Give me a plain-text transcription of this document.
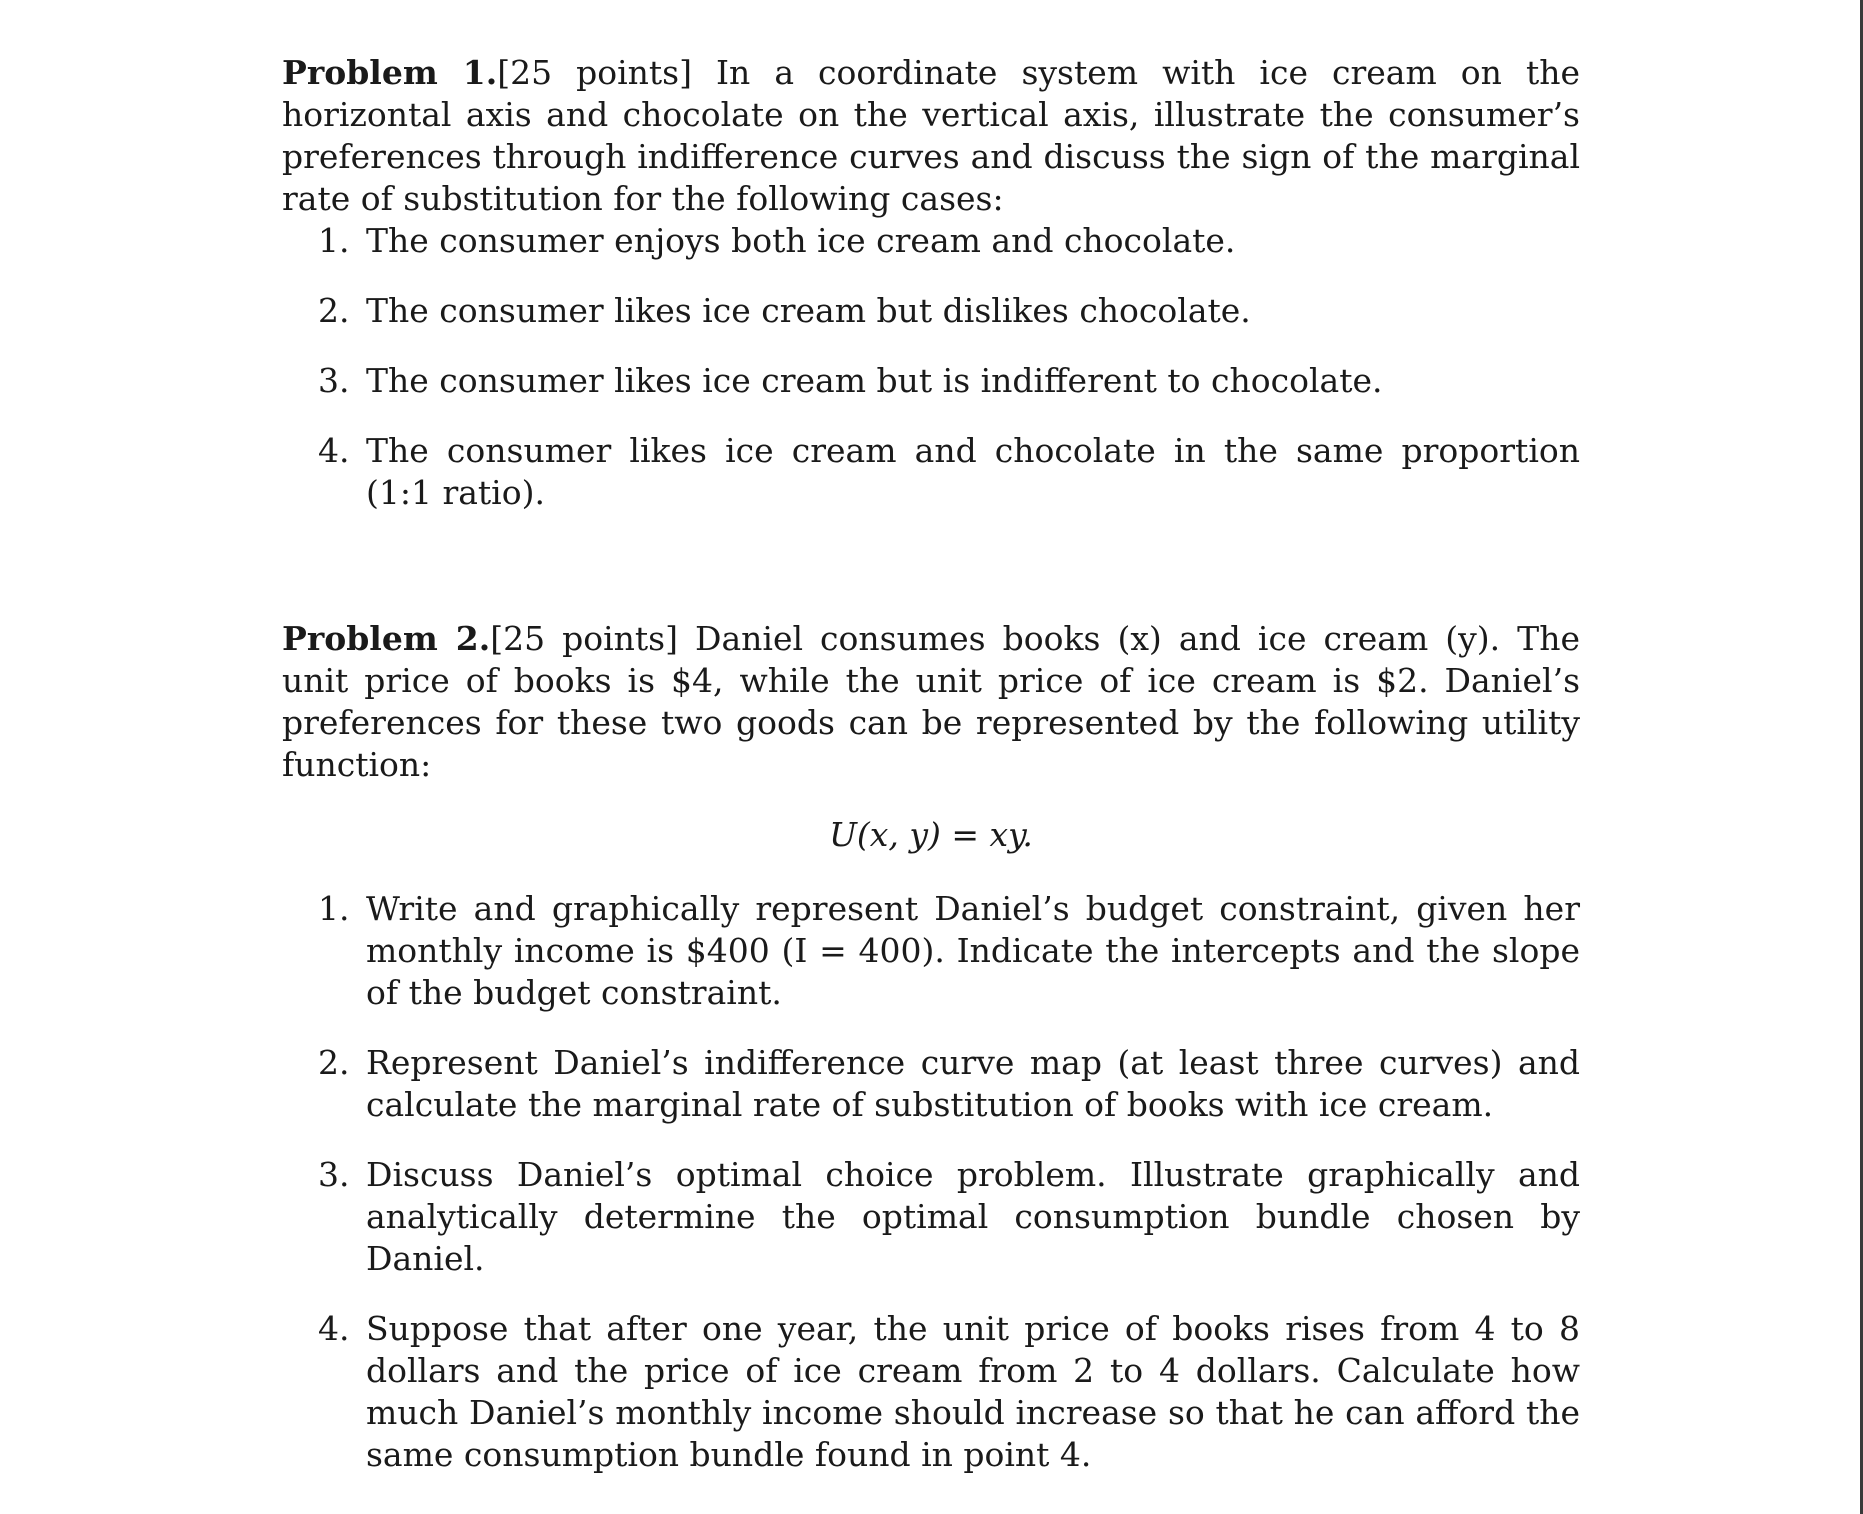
Problem 1.[25 points] In a coordinate system with ice cream on the horizontal axis and chocolate on the vertical axis, illustrate the consumer’s preferences through indifference curves and discuss the sign of the marginal rate of substitution for the following cases:

1. The consumer enjoys both ice cream and chocolate.
2. The consumer likes ice cream but dislikes chocolate.
3. The consumer likes ice cream but is indifferent to chocolate.
4. The consumer likes ice cream and chocolate in the same proportion (1:1 ratio).

Problem 2.[25 points] Daniel consumes books (x) and ice cream (y). The unit price of books is $4, while the unit price of ice cream is $2. Daniel’s preferences for these two goods can be represented by the following utility function:

U(x, y) = xy.
1. Write and graphically represent Daniel’s budget constraint, given her monthly income is $400 (I = 400). Indicate the intercepts and the slope of the budget constraint.
2. Represent Daniel’s indifference curve map (at least three curves) and calculate the marginal rate of substitution of books with ice cream.
3. Discuss Daniel’s optimal choice problem. Illustrate graphically and analytically determine the optimal consumption bundle chosen by Daniel.
4. Suppose that after one year, the unit price of books rises from 4 to 8 dollars and the price of ice cream from 2 to 4 dollars. Calculate how much Daniel’s monthly income should increase so that he can afford the same consumption bundle found in point 4.
